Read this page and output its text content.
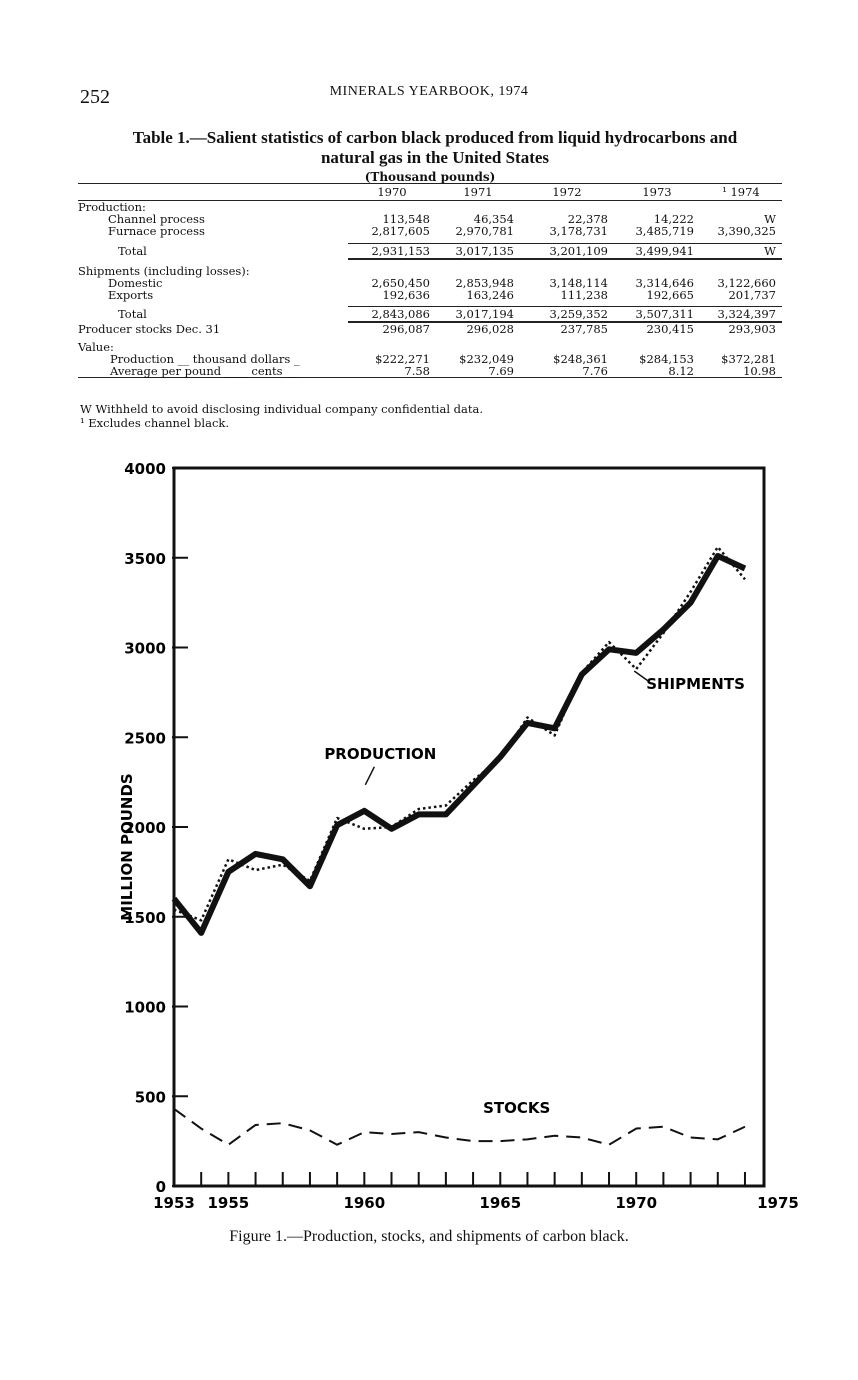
252	MINERALS YEARBOOK, 1974
Table 1.—Salient statistics of carbon black produced from liquid hydrocarbons and
natural gas in the United States
(Thousand pounds)
	1970	1971	1972	1973	¹ 1974
Production:					
Channel process	113,548	46,354	22,378	14,222	W
Furnace process	2,817,605	2,970,781	3,178,731	3,485,719	3,390,325

Total	2,931,153	3,017,135	3,201,109	3,499,941	W

Shipments (including losses):					
Domestic	2,650,450	2,853,948	3,148,114	3,314,646	3,122,660
Exports	192,636	163,246	111,238	192,665	201,737

Total	2,843,086	3,017,194	3,259,352	3,507,311	3,324,397
Producer stocks Dec. 31	296,087	296,028	237,785	230,415	293,903

Value:					
Production __ thousand dollars _	$222,271	$232,049	$248,361	$284,153	$372,281
Average per pound ____ cents __	7.58	7.69	7.76	8.12	10.98
W Withheld to avoid disclosing individual company confidential data.
¹ Excludes channel black.
0
500
1000
1500
2000
2500
3000
3500
4000
MILLION POUNDS
1953 1955	1960	1965	1970	1975
PRODUCTION
SHIPMENTS
STOCKS
Figure 1.—Production, stocks, and shipments of carbon black.
